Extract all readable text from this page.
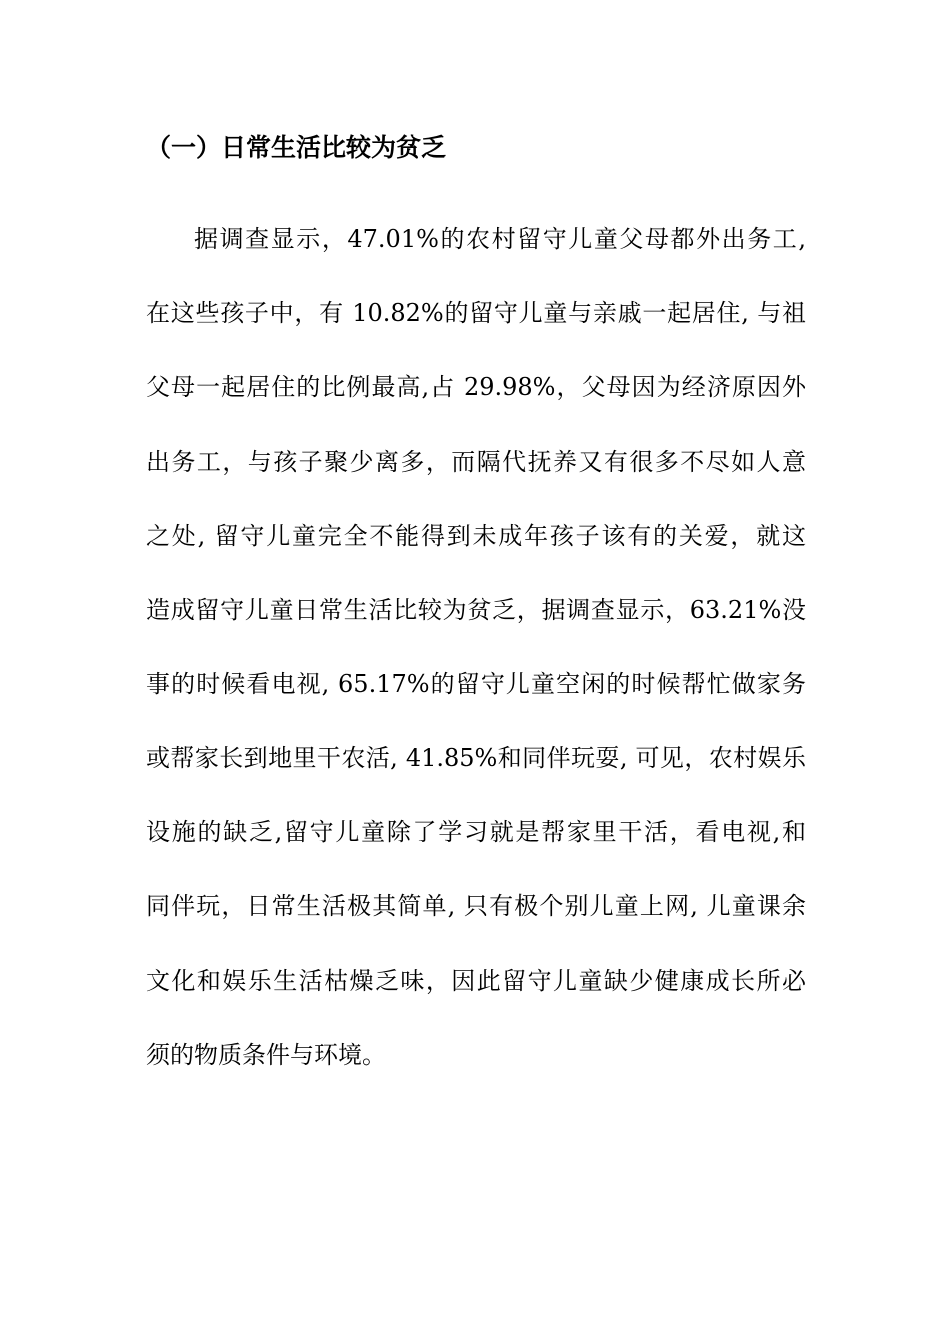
（一）日常生活比较为贫乏
据调查显示，47.01%的农村留守儿童父母都外出务工,
在这些孩子中，有 10.82%的留守儿童与亲戚一起居住, 与祖
父母一起居住的比例最高,占 29.98%，父母因为经济原因外
出务工，与孩子聚少离多，而隔代抚养又有很多不尽如人意
之处, 留守儿童完全不能得到未成年孩子该有的关爱，就这
造成留守儿童日常生活比较为贫乏，据调查显示，63.21%没
事的时候看电视, 65.17%的留守儿童空闲的时候帮忙做家务
或帮家长到地里干农活, 41.85%和同伴玩耍, 可见，农村娱乐
设施的缺乏,留守儿童除了学习就是帮家里干活，看电视,和
同伴玩，日常生活极其简单, 只有极个别儿童上网, 儿童课余
文化和娱乐生活枯燥乏味，因此留守儿童缺少健康成长所必
须的物质条件与环境。
